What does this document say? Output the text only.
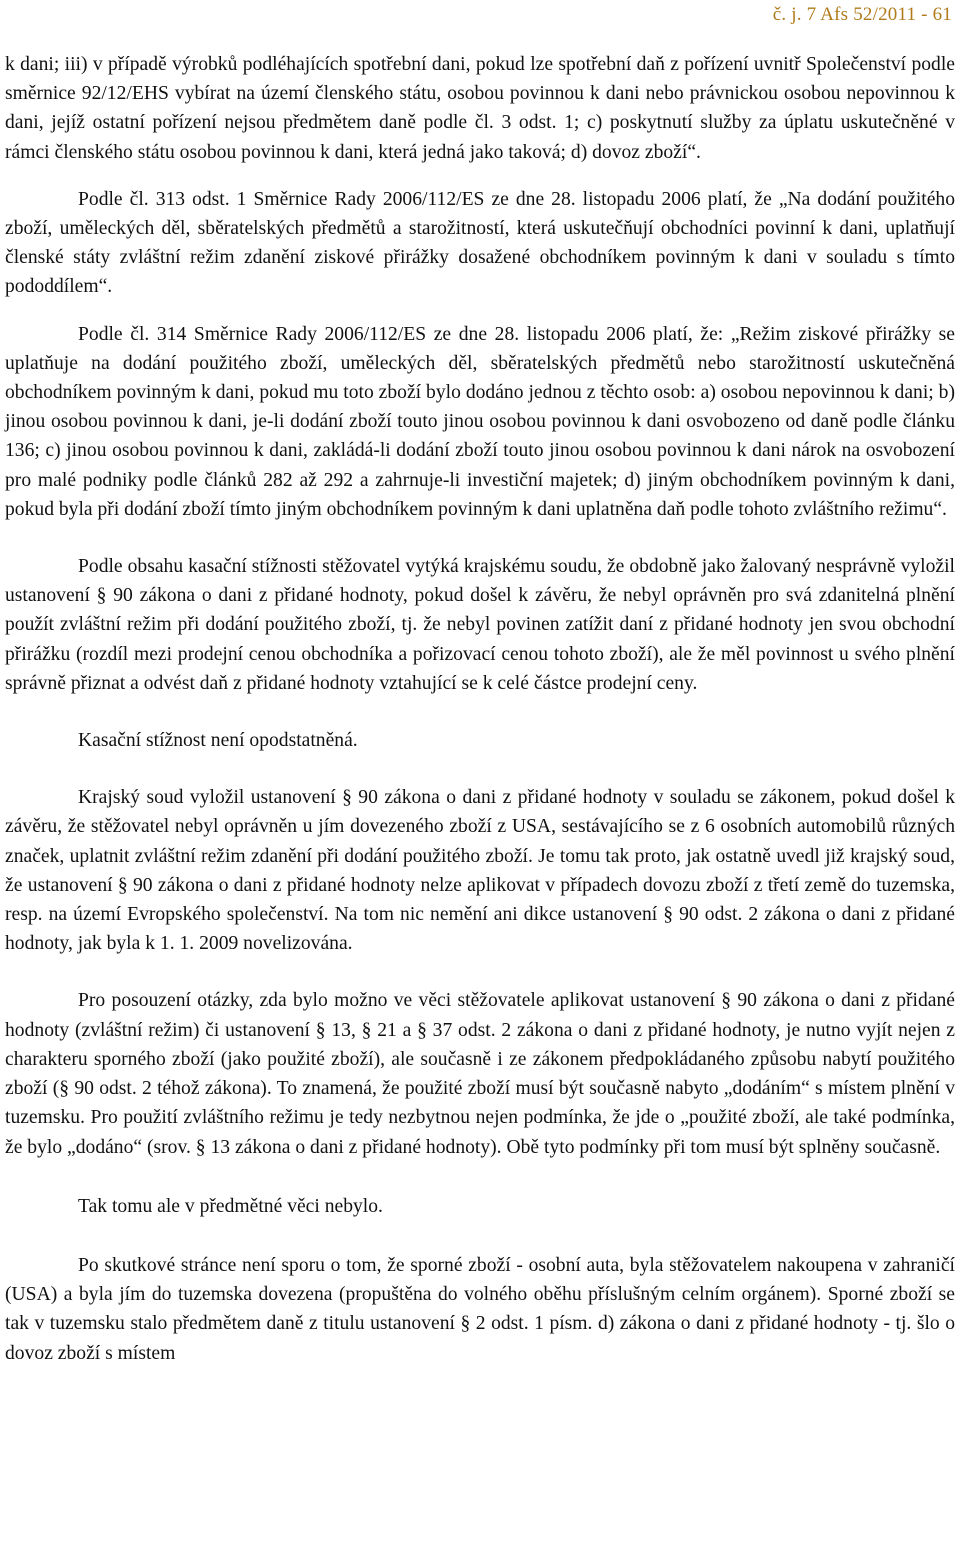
č. j. 7 Afs 52/2011 - 61

k dani; iii) v případě výrobků podléhajících spotřební dani, pokud lze spotřební daň z pořízení uvnitř Společenství podle směrnice 92/12/EHS vybírat na území členského státu, osobou povinnou k dani nebo právnickou osobou nepovinnou k dani, jejíž ostatní pořízení nejsou předmětem daně podle čl. 3 odst. 1; c) poskytnutí služby za úplatu uskutečněné v rámci členského státu osobou povinnou k dani, která jedná jako taková; d) dovoz zboží“.

Podle čl. 313 odst. 1 Směrnice Rady 2006/112/ES ze dne 28. listopadu 2006 platí, že „Na dodání použitého zboží, uměleckých děl, sběratelských předmětů a starožitností, která uskutečňují obchodníci povinní k dani, uplatňují členské státy zvláštní režim zdanění ziskové přirážky dosažené obchodníkem povinným k dani v souladu s tímto pododdílem“.

Podle čl. 314 Směrnice Rady 2006/112/ES ze dne 28. listopadu 2006 platí, že: „Režim ziskové přirážky se uplatňuje na dodání použitého zboží, uměleckých děl, sběratelských předmětů nebo starožitností uskutečněná obchodníkem povinným k dani, pokud mu toto zboží bylo dodáno jednou z těchto osob: a) osobou nepovinnou k dani; b) jinou osobou povinnou k dani, je-li dodání zboží touto jinou osobou povinnou k dani osvobozeno od daně podle článku 136; c) jinou osobou povinnou k dani, zakládá-li dodání zboží touto jinou osobou povinnou k dani nárok na osvobození pro malé podniky podle článků 282 až 292 a zahrnuje-li investiční majetek; d) jiným obchodníkem povinným k dani, pokud byla při dodání zboží tímto jiným obchodníkem povinným k dani uplatněna daň podle tohoto zvláštního režimu“.

Podle obsahu kasační stížnosti stěžovatel vytýká krajskému soudu, že obdobně jako žalovaný nesprávně vyložil ustanovení § 90 zákona o dani z přidané hodnoty, pokud došel k závěru, že nebyl oprávněn pro svá zdanitelná plnění použít zvláštní režim při dodání použitého zboží, tj. že nebyl povinen zatížit daní z přidané hodnoty jen svou obchodní přirážku (rozdíl mezi prodejní cenou obchodníka a pořizovací cenou tohoto zboží), ale že měl povinnost u svého plnění správně přiznat a odvést daň z přidané hodnoty vztahující se k celé částce prodejní ceny.

Kasační stížnost není opodstatněná.

Krajský soud vyložil ustanovení § 90 zákona o dani z přidané hodnoty v souladu se zákonem, pokud došel k závěru, že stěžovatel nebyl oprávněn u jím dovezeného zboží z USA, sestávajícího se z 6 osobních automobilů různých značek, uplatnit zvláštní režim zdanění při dodání použitého zboží. Je tomu tak proto, jak ostatně uvedl již krajský soud, že ustanovení § 90 zákona o dani z přidané hodnoty nelze aplikovat v případech dovozu zboží z třetí země do tuzemska, resp. na území Evropského společenství. Na tom nic nemění ani dikce ustanovení § 90 odst. 2 zákona o dani z přidané hodnoty, jak byla k 1. 1. 2009 novelizována.

Pro posouzení otázky, zda bylo možno ve věci stěžovatele aplikovat ustanovení § 90 zákona o dani z přidané hodnoty (zvláštní režim) či ustanovení § 13, § 21 a § 37 odst. 2 zákona o dani z přidané hodnoty, je nutno vyjít nejen z charakteru sporného zboží (jako použité zboží), ale současně i ze zákonem předpokládaného způsobu nabytí použitého zboží (§ 90 odst. 2 téhož zákona). To znamená, že použité zboží musí být současně nabyto „dodáním“ s místem plnění v tuzemsku. Pro použití zvláštního režimu je tedy nezbytnou nejen podmínka, že jde o „použité zboží, ale také podmínka, že bylo „dodáno“ (srov. § 13 zákona o dani z přidané hodnoty). Obě tyto podmínky při tom musí být splněny současně.

Tak tomu ale v předmětné věci nebylo.

Po skutkové stránce není sporu o tom, že sporné zboží - osobní auta, byla stěžovatelem nakoupena v zahraničí (USA) a byla jím do tuzemska dovezena (propuštěna do volného oběhu příslušným celním orgánem). Sporné zboží se tak v tuzemsku stalo předmětem daně z titulu ustanovení § 2 odst. 1 písm. d) zákona o dani z přidané hodnoty - tj. šlo o dovoz zboží s místem
